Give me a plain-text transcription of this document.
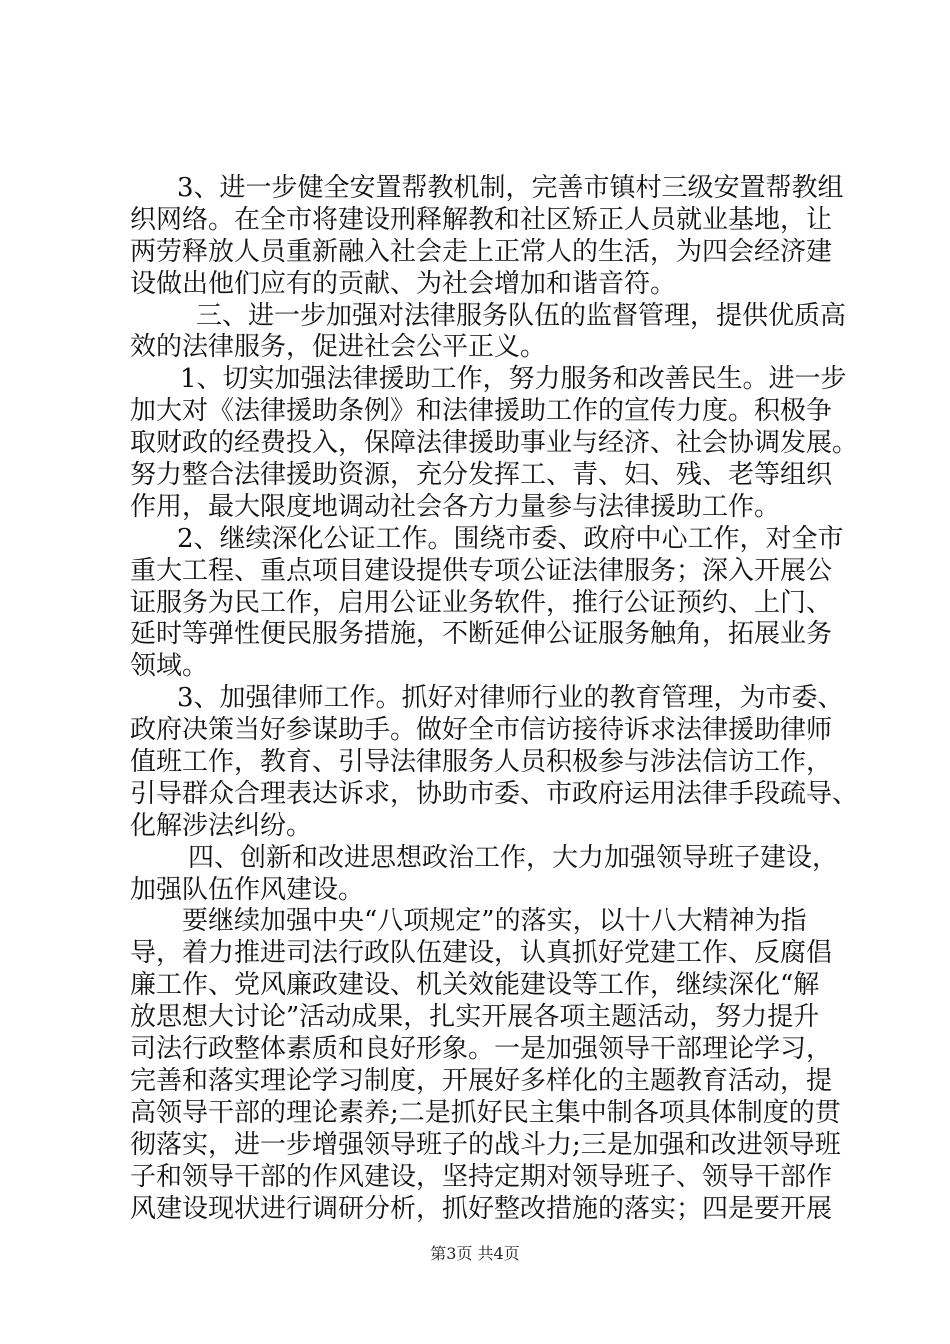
3、进一步健全安置帮教机制，完善市镇村三级安置帮教组
织网络。在全市将建设刑释解教和社区矫正人员就业基地，让
两劳释放人员重新融入社会走上正常人的生活，为四会经济建
设做出他们应有的贡献、为社会增加和谐音符。
三、进一步加强对法律服务队伍的监督管理，提供优质高
效的法律服务，促进社会公平正义。
1、切实加强法律援助工作，努力服务和改善民生。进一步
加大对《法律援助条例》和法律援助工作的宣传力度。积极争
取财政的经费投入，保障法律援助事业与经济、社会协调发展。
努力整合法律援助资源，充分发挥工、青、妇、残、老等组织
作用，最大限度地调动社会各方力量参与法律援助工作。
2、继续深化公证工作。围绕市委、政府中心工作，对全市
重大工程、重点项目建设提供专项公证法律服务；深入开展公
证服务为民工作，启用公证业务软件，推行公证预约、上门、
延时等弹性便民服务措施，不断延伸公证服务触角，拓展业务
领域。
3、加强律师工作。抓好对律师行业的教育管理，为市委、
政府决策当好参谋助手。做好全市信访接待诉求法律援助律师
值班工作，教育、引导法律服务人员积极参与涉法信访工作，
引导群众合理表达诉求，协助市委、市政府运用法律手段疏导、
化解涉法纠纷。
四、创新和改进思想政治工作，大力加强领导班子建设，
加强队伍作风建设。
要继续加强中央“八项规定”的落实，以十八大精神为指
导，着力推进司法行政队伍建设，认真抓好党建工作、反腐倡
廉工作、党风廉政建设、机关效能建设等工作，继续深化“解
放思想大讨论”活动成果，扎实开展各项主题活动，努力提升
司法行政整体素质和良好形象。一是加强领导干部理论学习，
完善和落实理论学习制度，开展好多样化的主题教育活动，提
高领导干部的理论素养;二是抓好民主集中制各项具体制度的贯
彻落实，进一步增强领导班子的战斗力;三是加强和改进领导班
子和领导干部的作风建设，坚持定期对领导班子、领导干部作
风建设现状进行调研分析，抓好整改措施的落实；四是要开展
第3页 共4页
